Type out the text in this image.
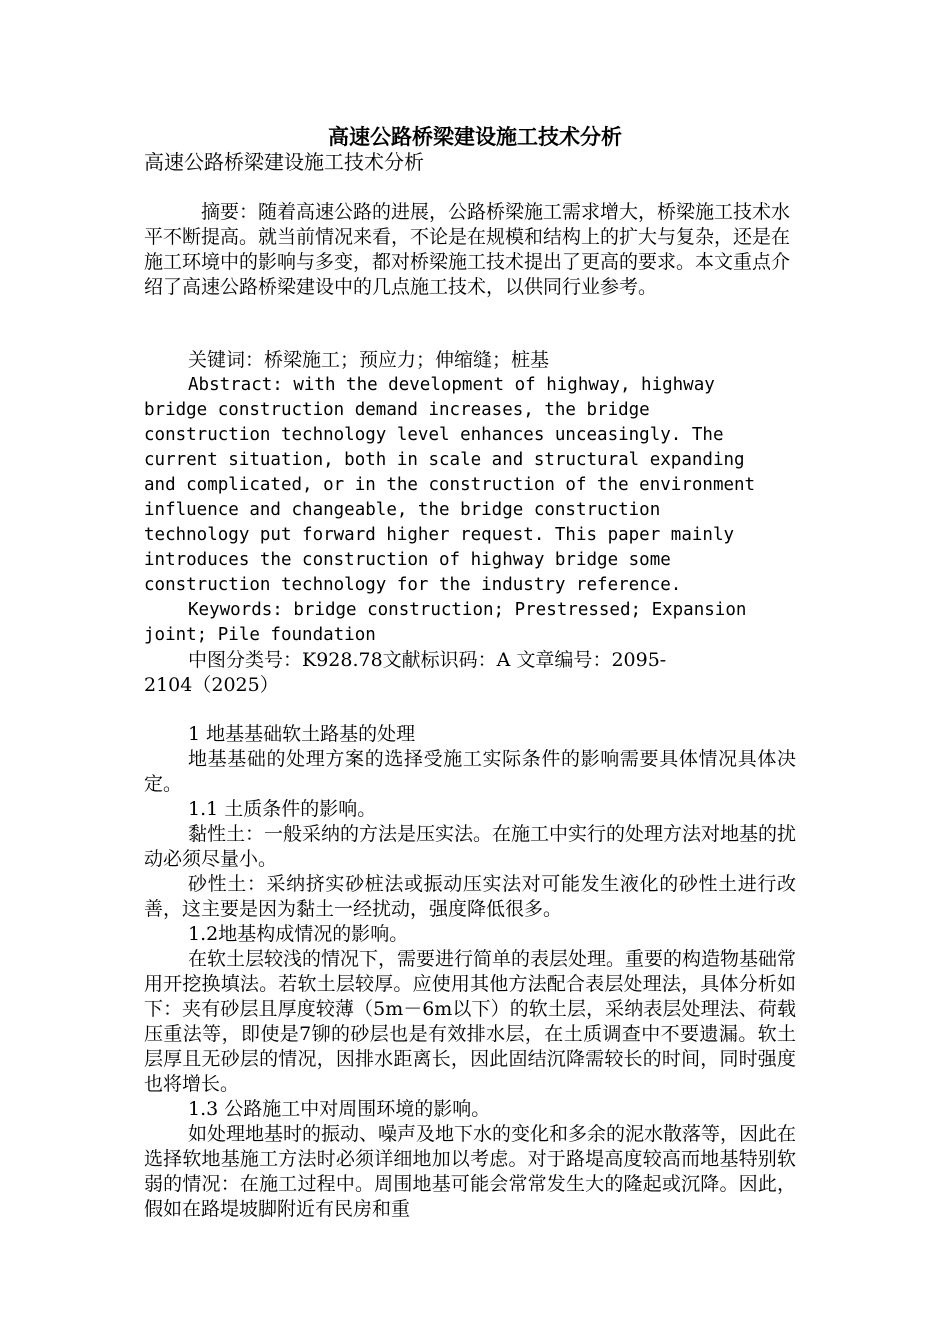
高速公路桥梁建设施工技术分析
高速公路桥梁建设施工技术分析

摘要：随着高速公路的进展，公路桥梁施工需求增大，桥梁施工技术水平不断提高。就当前情况来看，不论是在规模和结构上的扩大与复杂，还是在施工环境中的影响与多变，都对桥梁施工技术提出了更高的要求。本文重点介绍了高速公路桥梁建设中的几点施工技术，以供同行业参考。

关键词：桥梁施工；预应力；伸缩缝；桩基

Abstract: with the development of highway, highway
bridge construction demand increases, the bridge
construction technology level enhances unceasingly. The
current situation, both in scale and structural expanding
and complicated, or in the construction of the environment
influence and changeable, the bridge construction
technology put forward higher request. This paper mainly
introduces the construction of highway bridge some
construction technology for the industry reference.
Keywords: bridge construction; Prestressed; Expansion
joint; Pile foundation
中图分类号：K928.78文献标识码：A 文章编号：2095-
2104（2025）

1 地基基础软土路基的处理

地基基础的处理方案的选择受施工实际条件的影响需要具体情况具体决定。

1.1 土质条件的影响。

黏性土：一般采纳的方法是压实法。在施工中实行的处理方法对地基的扰动必须尽量小。

砂性土：采纳挤实砂桩法或振动压实法对可能发生液化的砂性土进行改善，这主要是因为黏土一经扰动，强度降低很多。

1.2地基构成情况的影响。

在软土层较浅的情况下，需要进行简单的表层处理。重要的构造物基础常用开挖换填法。若软土层较厚。应使用其他方法配合表层处理法，具体分析如下：夹有砂层且厚度较薄（5m－6m以下）的软土层，采纳表层处理法、荷载压重法等，即使是7铆的砂层也是有效排水层，在土质调查中不要遗漏。软土层厚且无砂层的情况，因排水距离长，因此固结沉降需较长的时间，同时强度也将增长。

1.3 公路施工中对周围环境的影响。

如处理地基时的振动、噪声及地下水的变化和多余的泥水散落等，因此在选择软地基施工方法时必须详细地加以考虑。对于路堤高度较高而地基特别软弱的情况：在施工过程中。周围地基可能会常常发生大的隆起或沉降。因此，假如在路堤坡脚附近有民房和重
